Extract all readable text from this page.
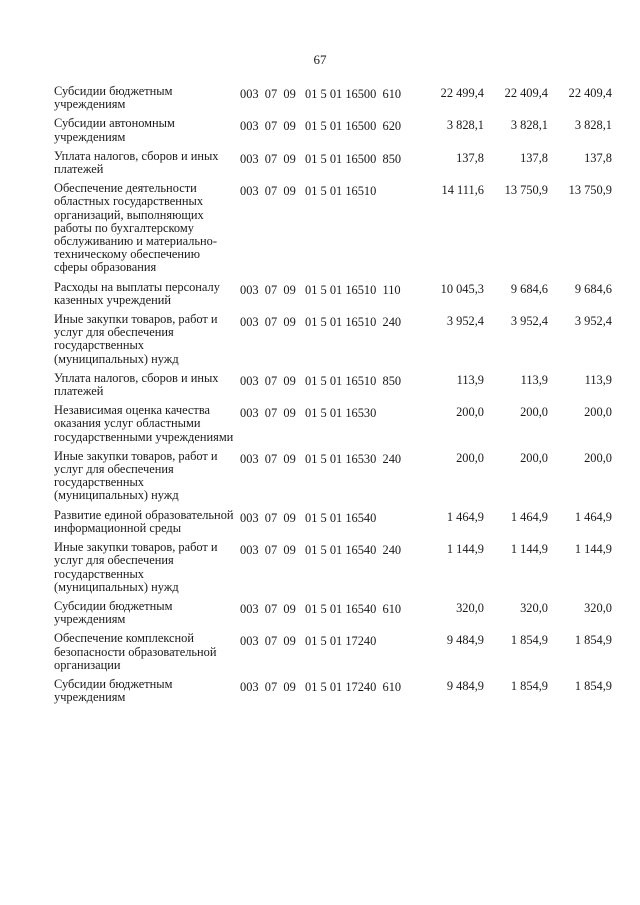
67
Субсидии бюджетным учреждениям	003  07  09   01 5 01 16500  610	22 499,4	22 409,4	22 409,4
Субсидии автономным учреждениям	003  07  09   01 5 01 16500  620	3 828,1	3 828,1	3 828,1
Уплата налогов, сборов и иных платежей	003  07  09   01 5 01 16500  850	137,8	137,8	137,8
Обеспечение деятельности областных государственных организаций, выполняющих работы по бухгалтерскому обслуживанию и материально-техническому обеспечению сферы образования	003  07  09   01 5 01 16510	14 111,6	13 750,9	13 750,9
Расходы на выплаты персоналу казенных учреждений	003  07  09   01 5 01 16510  110	10 045,3	9 684,6	9 684,6
Иные закупки товаров, работ и услуг для обеспечения государственных (муниципальных) нужд	003  07  09   01 5 01 16510  240	3 952,4	3 952,4	3 952,4
Уплата налогов, сборов и иных платежей	003  07  09   01 5 01 16510  850	113,9	113,9	113,9
Независимая оценка качества оказания услуг областными государственными учреждениями	003  07  09   01 5 01 16530	200,0	200,0	200,0
Иные закупки товаров, работ и услуг для обеспечения государственных (муниципальных) нужд	003  07  09   01 5 01 16530  240	200,0	200,0	200,0
Развитие единой образовательной информационной среды	003  07  09   01 5 01 16540	1 464,9	1 464,9	1 464,9
Иные закупки товаров, работ и услуг для обеспечения государственных (муниципальных) нужд	003  07  09   01 5 01 16540  240	1 144,9	1 144,9	1 144,9
Субсидии бюджетным учреждениям	003  07  09   01 5 01 16540  610	320,0	320,0	320,0
Обеспечение комплексной безопасности образовательной организации	003  07  09   01 5 01 17240	9 484,9	1 854,9	1 854,9
Субсидии бюджетным учреждениям	003  07  09   01 5 01 17240  610	9 484,9	1 854,9	1 854,9
